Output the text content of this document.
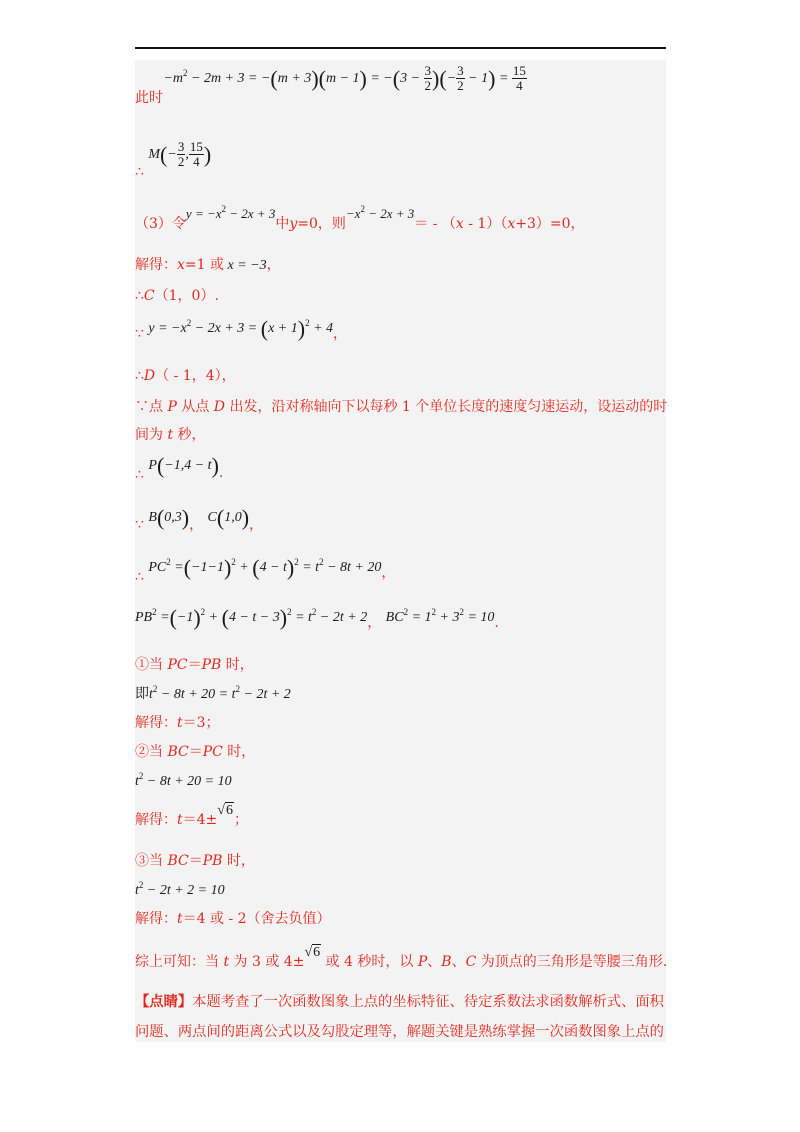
此时 $-m^2 - 2m + 3 = -(m + 3)(m - 1) = -(3 - \frac{3}{2}$ )(− $\frac{3}{2} - 1) = \frac{15}{4}$
∴ $M(- \frac{3}{2}$ , $\frac{15}{4}$ )
（3）令$y = -x^2 - 2x + 3$中y=0，则$-x^2 - 2x + 3= - (x - 1)(x+3)=0$，
解得：x=1 或 x = −3，
∴C（1，0）.
∵ $y = -x^2 - 2x + 3 = (x + 1)^2 + 4$，
∴D（ - 1，4），
∵点 P 从点 D 出发，沿对称轴向下以每秒 1 个单位长度的速度匀速运动，设运动的时
间为 t 秒，
∴ P(−1,4 − t).
∵ B(0,3)， C(1,0)，
∴ $PC^2 =(-1-1)^2 + (4 - t)^2 = t^2 - 8t + 20$，
$PB^2 =(-1)^2 + (4 - t - 3)^2 = t^2 - 2t + 2$， $BC^2 = 1^2 + 3^2 = 10$.
①当 PC＝PB 时，
即$t^2 - 8t + 20 = t^2 - 2t + 2$
解得：t＝3；
②当 BC＝PC 时，
$t^2 - 8t + 20 = 10$
解得：t＝4±√6；
③当 BC＝PB 时，
$t^2 - 2t + 2 = 10$
解得：t＝4 或 - 2（舍去负值）
综上可知：当 t 为 3 或 4±√6 或 4 秒时，以 P、B、C 为顶点的三角形是等腰三角形.
【点睛】本题考查了一次函数图象上点的坐标特征、待定系数法求函数解析式、面积
问题、两点间的距离公式以及勾股定理等，解题关键是熟练掌握一次函数图象上点的
